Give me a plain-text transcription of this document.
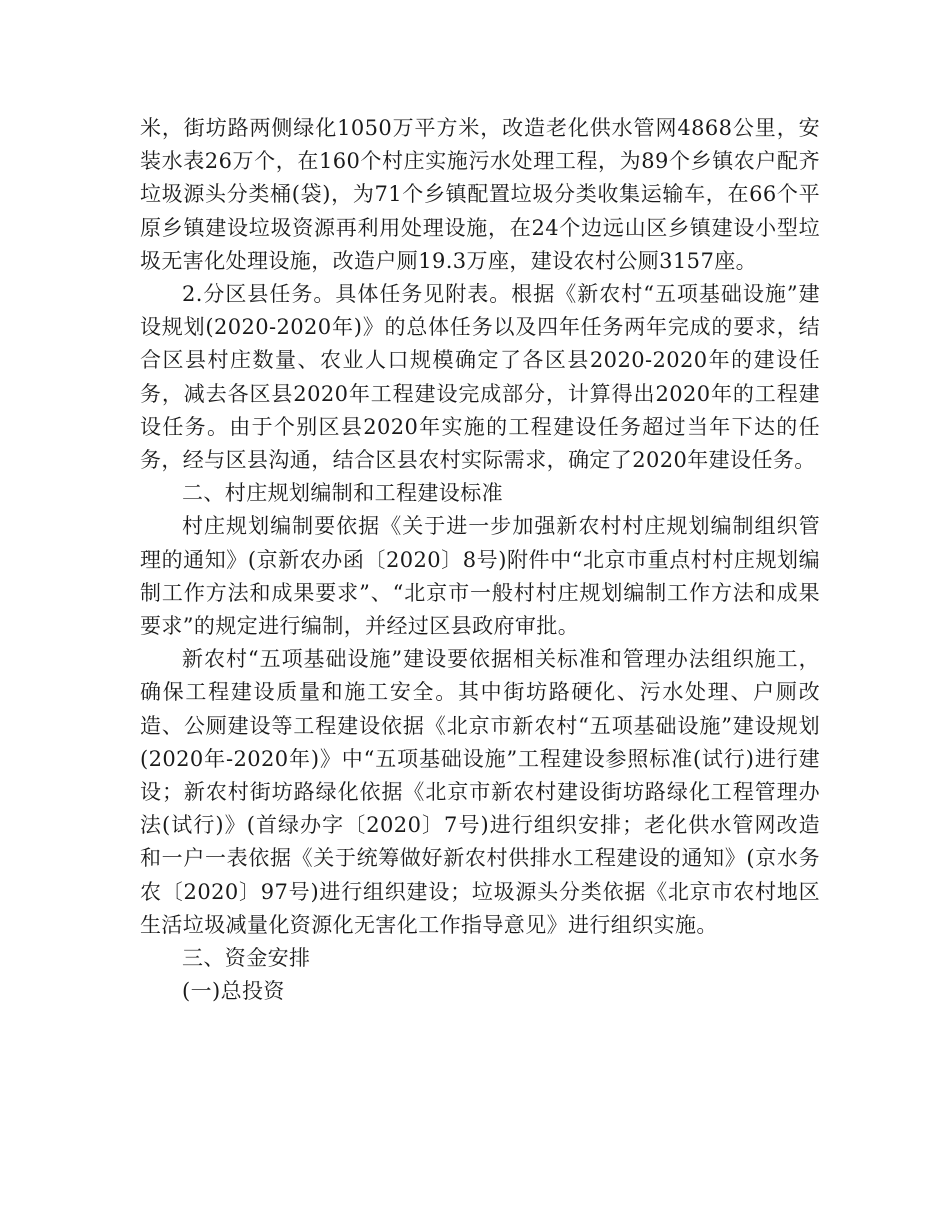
米，街坊路两侧绿化1050万平方米，改造老化供水管网4868公里，安装水表26万个，在160个村庄实施污水处理工程，为89个乡镇农户配齐垃圾源头分类桶(袋)，为71个乡镇配置垃圾分类收集运输车，在66个平原乡镇建设垃圾资源再利用处理设施，在24个边远山区乡镇建设小型垃圾无害化处理设施，改造户厕19.3万座，建设农村公厕3157座。

2.分区县任务。具体任务见附表。根据《新农村“五项基础设施”建设规划(2020-2020年)》的总体任务以及四年任务两年完成的要求，结合区县村庄数量、农业人口规模确定了各区县2020-2020年的建设任务，减去各区县2020年工程建设完成部分，计算得出2020年的工程建设任务。由于个别区县2020年实施的工程建设任务超过当年下达的任务，经与区县沟通，结合区县农村实际需求，确定了2020年建设任务。

二、村庄规划编制和工程建设标准

村庄规划编制要依据《关于进一步加强新农村村庄规划编制组织管理的通知》(京新农办函〔2020〕8号)附件中“北京市重点村村庄规划编制工作方法和成果要求”、“北京市一般村村庄规划编制工作方法和成果要求”的规定进行编制，并经过区县政府审批。

新农村“五项基础设施”建设要依据相关标准和管理办法组织施工，确保工程建设质量和施工安全。其中街坊路硬化、污水处理、户厕改造、公厕建设等工程建设依据《北京市新农村“五项基础设施”建设规划(2020年-2020年)》中“五项基础设施”工程建设参照标准(试行)进行建设；新农村街坊路绿化依据《北京市新农村建设街坊路绿化工程管理办法(试行)》(首绿办字〔2020〕7号)进行组织安排；老化供水管网改造和一户一表依据《关于统筹做好新农村供排水工程建设的通知》(京水务农〔2020〕97号)进行组织建设；垃圾源头分类依据《北京市农村地区生活垃圾减量化资源化无害化工作指导意见》进行组织实施。

三、资金安排

(一)总投资
